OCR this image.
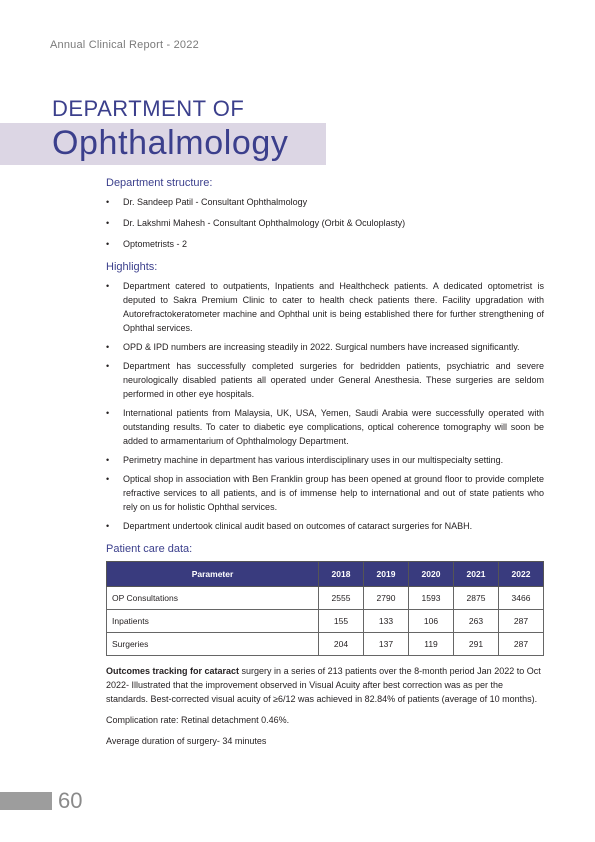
Annual Clinical Report - 2022
DEPARTMENT OF
Ophthalmology
Department structure:
• Dr. Sandeep Patil - Consultant Ophthalmology
• Dr. Lakshmi Mahesh - Consultant Ophthalmology (Orbit & Oculoplasty)
• Optometrists - 2
Highlights:
• Department catered to outpatients, Inpatients and Healthcheck patients. A dedicated optometrist is deputed to Sakra Premium Clinic to cater to health check patients there. Facility upgradation with Autorefractokeratometer machine and Ophthal unit is being established there for further strengthening of Ophthal services.
• OPD & IPD numbers are increasing steadily in 2022. Surgical numbers have increased significantly.
• Department has successfully completed surgeries for bedridden patients, psychiatric and severe neurologically disabled patients all operated under General Anesthesia. These surgeries are seldom performed in other eye hospitals.
• International patients from Malaysia, UK, USA, Yemen, Saudi Arabia were successfully operated with outstanding results. To cater to diabetic eye complications, optical coherence tomography will soon be added to armamentarium of Ophthalmology Department.
• Perimetry machine in department has various interdisciplinary uses in our multispecialty setting.
• Optical shop in association with Ben Franklin group has been opened at ground floor to provide complete refractive services to all patients, and is of immense help to international and out of state patients who rely on us for holistic Ophthal services.
• Department undertook clinical audit based on outcomes of cataract surgeries for NABH.
Patient care data:
Parameter	2018	2019	2020	2021	2022
OP Consultations	2555	2790	1593	2875	3466
Inpatients	155	133	106	263	287
Surgeries	204	137	119	291	287

Outcomes tracking for cataract surgery in a series of 213 patients over the 8-month period Jan 2022 to Oct 2022- Illustrated that the improvement observed in Visual Acuity after best correction was as per the standards. Best-corrected visual acuity of ≥6/12 was achieved in 82.84% of patients (average of 10 months).

Complication rate: Retinal detachment 0.46%.

Average duration of surgery- 34 minutes

60
